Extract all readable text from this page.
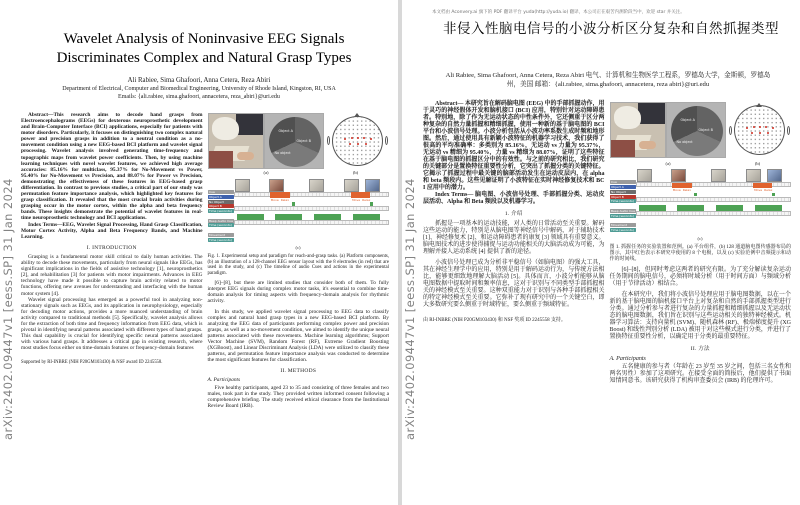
arXiv:2402.09447v1 [eess.SP] 31 Jan 2024
Wavelet Analysis of Noninvasive EEG Signals
Discriminates Complex and Natural Grasp Types
Ali Rabiee, Sima Ghafoori, Anna Cetera, Reza Abiri
Department of Electrical, Computer and Biomedical Engineering, University of Rhode Island, Kingston, RI, USA
Emails: {ali.rabiee, sima.ghafoori, annacetera, reza_abiri}@uri.edu

Abstract—This research aims to decode hand grasps from Electroencephalograms (EEGs) for dexterous neuroprosthetic development and Brain-Computer Interface (BCI) applications, especially for patients with motor disorders. Particularly, it focuses on distinguishing two complex natural power and precision grasps in addition to a neutral condition as a no-movement condition using a new EEG-based BCI platform and wavelet signal processing. Wavelet analysis involved generating time-frequency and topographic maps from wavelet power coefficients. Then, by using machine learning techniques with novel wavelet features, we achieved high average accuracies: 85.16% for multiclass, 95.37% for No-Movement vs Power, 95.40% for No-Movement vs Precision, and 88.07% for Power vs Precision, demonstrating the effectiveness of these features in EEG-based grasp differentiation. In contrast to previous studies, a critical part of our study was permutation feature importance analysis, which highlighted key features for grasp classification. It revealed that the most crucial brain activities during grasping occur in the motor cortex, within the alpha and beta frequency bands. These insights demonstrate the potential of wavelet features in real-time neuroprosthetic technology and BCI applications.

Index Terms—EEG, Wavelet Signal Processing, Hand Grasp Classification, Motor Cortex Activity, Alpha and Beta Frequency Bands, and Machine Learning.

I. INTRODUCTION

Grasping is a fundamental motor skill critical to daily human activities. The ability to decode these movements, particularly from neural signals like EEGs, has significant implications in the fields of assistive technology [1], neuroprosthetics [2], and rehabilitation [3] for patients with motor impairments. Advances in EEG technology have made it possible to capture brain activity related to motor functions, offering new avenues for understanding and interfacing with the human motor system [4].

Wavelet signal processing has emerged as a powerful tool in analyzing non-stationary signals such as EEGs, and its application in neurophysiology, especially for decoding motor actions, provides a more nuanced understanding of brain activity compared to traditional methods [5]. Specifically, wavelet analysis allows for the extraction of both time and frequency information from EEG data, which is pivotal in identifying neural patterns associated with different types of hand grasps. This dual capability is crucial for identifying specific neural patterns associated with various hand grasps. It addresses a critical gap in existing research, where most studies focus either on time-domain features or frequency-domain features

Supported by RI-INBRE (NIH P20GM103430) & NSF award ID 2245558.
Object A
Object B
No object
(a)	(b)
Cue
Object A
No Object
Object B
Time (seconds)
Beep Audio Cue
Time (seconds)
Movement
Time (seconds)
Move Relax	Move Relax
(c)
Fig. 1. Experimental setup and paradigm for reach-and-grasp tasks. (a) Platform components, (b) an illustration of a 128-channel EEG sensor layout with the 8 electrodes (in red) that are used in the study, and (c) The timeline of audio Cues and actions in the experimental paradigm.

[6]–[8], but there are limited studies that consider both of them. To fully interpret EEG signals during complex motor tasks, it's essential to combine time-domain analysis for timing aspects with frequency-domain analysis for rhythmic activity.

In this study, we applied wavelet signal processing to EEG data to classify complex and natural hand grasp types in a new EEG-based BCI platform. By analyzing the EEG data of participants performing complex power and precision grasps, as well as a no-movement condition, we aimed to identify the unique neural patterns associated with these movements. Machine learning algorithms; Support Vector Machine (SVM), Random Forest (RF), Extreme Gradient Boosting (XGBoost), and Linear Discriminant Analysis (LDA) were utilized to classify these patterns, and permutation feature importance analysis was conducted to determine the most significant features for classification.

II. METHODS
A. Participants

Five healthy participants, aged 23 to 35 and consisting of three females and two males, took part in the study. They provided written informed consent following a comprehensive briefing. The study received ethical clearance from the Institutional Review Board (IRB).	arXiv:2402.09447v1 [eess.SP] 31 Jan 2024
本文档由 Aconvery.ai 旗下的 PDF 翻译平台 yuda(http://yuda.io) 翻译，本公司正在艰苦内测阶段当中，欢迎 star 并关注。
非侵入性脑电信号的小波分析区分复杂和自然抓握类型
Ali Rabiee, Sima Ghafoori, Anna Cetera, Reza Abiri 电气、计算机和生物医学工程系，罗德岛大学，金斯顿，罗德岛州，美国 邮箱：{ali.rabiee, sima.ghafoori, annacetera, reza abiri}@uri.edu

Abstract— 本研究旨在解码脑电图 (EEG) 中的手部抓握动作，用于灵巧的神经假体开发和脑机接口 (BCI) 应用，特别针对运动障碍患者。特别地，除了作为无运动状态的中性条件外，它还侧重于区分两种复杂的自然力量抓握和精细抓握，使用一种新的基于脑电图的 BCI 平台和小波信号处理。小波分析包括从小波功率系数生成时频和地形图。然后，通过使用具有新颖小波特征的机器学习技术，我们获得了很高的平均准确率：多类别为 85.16%，无运动 vs 力量为 95.37%，无运动 vs 精细为 95.40%，力量 vs 精细为 88.07%，证明了这些特征在基于脑电图的抓握区分中的有效性。与之前的研究相比，我们研究的关键部分是置换特征重要性分析，它突出了抓握分类的关键特征。它揭示了抓握过程中最关键的脑部活动发生在运动皮层内，在 alpha 和 beta 频段内。这些见解证明了小波特征在实时神经修复技术和 BCI 应用中的潜力。

Index Terms— 脑电图、小波信号处理、手部抓握分类、运动皮层活动、Alpha 和 Beta 频段以及机器学习。

1. 介绍

抓握是一项基本的运动技能，对人类的日常活动至关重要。解码这些运动的能力，特别是从脑电图等神经信号中解码，对于辅助技术 [1]、神经修复术 [2]、和运动障碍患者的康复 [3] 领域具有重要意义。脑电图技术的进步使得捕捉与运动功能相关的大脑活动成为可能，为理解并接人运动系统 [4] 提供了新的途径。

小波信号处理已成为分析非平稳信号（如脑电图）的强大工具，其在神经生理学中的应用，特别是用于解码运动行为，与传统方法相比，能够更细致地理解大脑活动 [5]。具体而言，小波分析能够从脑电图数据中提取时间和频率信息，这对于识别与不同类型手部抓握相关的神经模式至关重要。这种双重能力对于识别与各种手部抓握相关的特定神经模式至关重要。它弥补了现有研究中的一个关键空白，即大多数研究要么侧重于时域特征，要么侧重于频域特征。

由 RI-INBRE (NIH P20GM103430) 和 NSF 奖项 ID 2245558 支持。
Object A
Object B
No object
(a)	(b)
Cue
Object A
No Object
Object B
Time (seconds)
Beep Audio Cue
Time (seconds)
Movement
Time (seconds)
Move Relax	Move Relax
(c)
图 1. 抓握任务的实验装置和范例。(a) 平台组件，(b) 128 通道脑电图传感器布局的图示，其中红色表示本研究中使用的 8 个电极，以及 (c) 实验范例中音频提示和动作的时间线。

[6]–[8]，但同时考虑这两者的研究有限。为了充分解读复杂运动任务期间的脑电信号，必须将时域分析（用于时间方面）与频域分析（用于节律活动）相结合。

在本研究中，我们将小波信号处理应用于脑电图数据，以在一个新的基于脑电图的脑机接口平台上对复杂和自然的手部抓握类型进行分类。通过分析参与者进行复杂的力量抓握和精细抓握以及无运动状态的脑电图数据，我们旨在识别与这些运动相关的独特神经模式。机器学习算法：支持向量机 (SVM)、随机森林 (RF)、极端梯度提升 (XGBoost) 和线性判别分析 (LDA) 被用于对这些模式进行分类，并进行了置换特征重要性分析，以确定用于分类的最重要特征。

II. 方法
A. Participants

五名健康的参与者（年龄在 23 岁至 35 岁之间，包括三名女性和两名男性）参加了这项研究。在接受全面的简报后，他们提供了书面知情同意书。该研究获得了机构审查委员会 (IRB) 的伦理许可。
